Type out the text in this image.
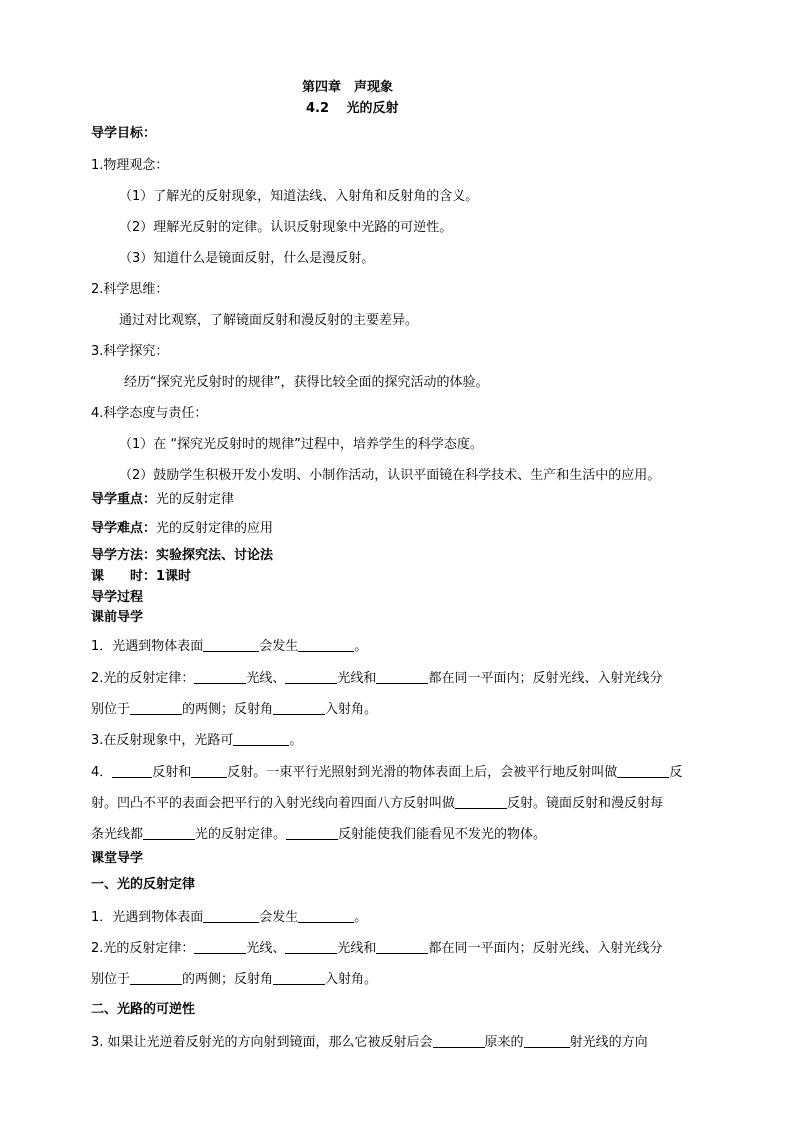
第四章　声现象
4.2　 光的反射
导学目标：
1.物理观念：
（1）了解光的反射现象，知道法线、入射角和反射角的含义。
（2）理解光反射的定律。认识反射现象中光路的可逆性。
（3）知道什么是镜面反射，什么是漫反射。
2.科学思维：
通过对比观察，了解镜面反射和漫反射的主要差异。
3.科学探究：
经历“探究光反射时的规律”，获得比较全面的探究活动的体验。
4.科学态度与责任：
（1）在 “探究光反射时的规律”过程中，培养学生的科学态度。
（2）鼓励学生积极开发小发明、小制作活动，认识平面镜在科学技术、生产和生活中的应用。
导学重点：光的反射定律
导学难点：光的反射定律的应用
导学方法：实验探究法、讨论法
课　　时：1课时
导学过程
课前导学
1．光遇到物体表面	会发生	。
2.光的反射定律：	光线、	光线和	都在同一平面内；反射光线、入射光线分
别位于	的两侧；反射角	入射角。
3.在反射现象中，光路可	。
4．	反射和	反射。一束平行光照射到光滑的物体表面上后，会被平行地反射叫做	反
射。凹凸不平的表面会把平行的入射光线向着四面八方反射叫做	反射。镜面反射和漫反射每
条光线都	光的反射定律。	反射能使我们能看见不发光的物体。
课堂导学
一、光的反射定律
1．光遇到物体表面	会发生	。
2.光的反射定律：	光线、	光线和	都在同一平面内；反射光线、入射光线分
别位于	的两侧；反射角	入射角。
二、光路的可逆性
3. 如果让光逆着反射光的方向射到镜面，那么它被反射后会	原来的	射光线的方向
